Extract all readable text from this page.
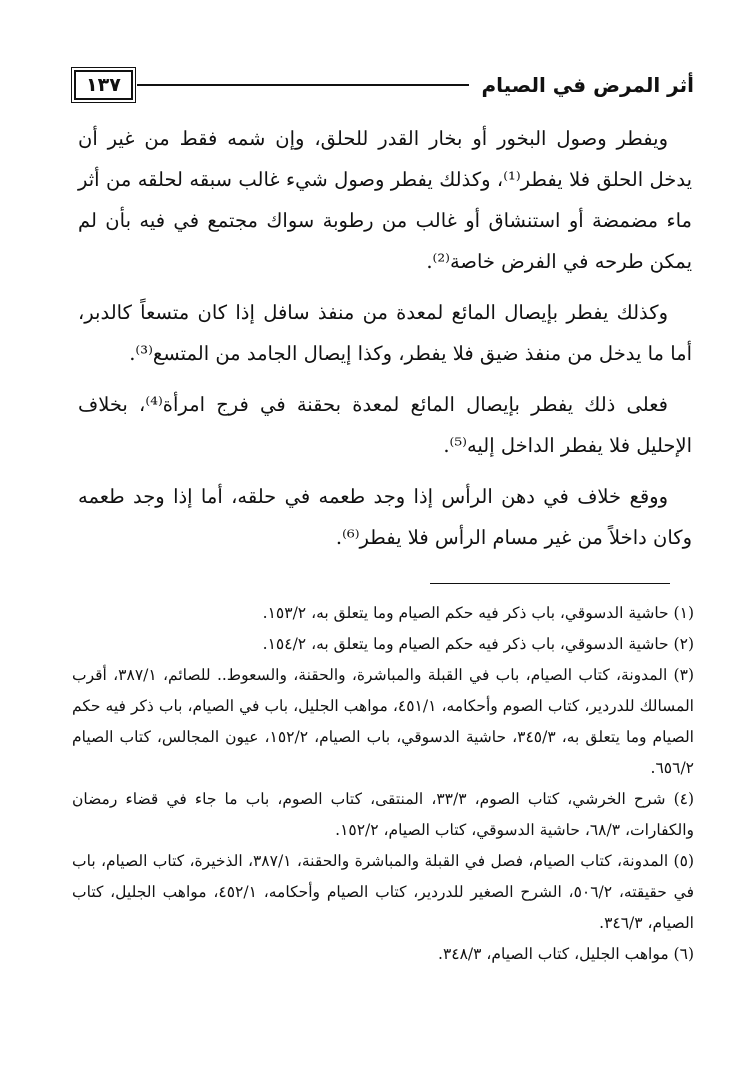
أثر المرض في الصيام
١٣٧

ويفطر وصول البخور أو بخار القدر للحلق، وإن شمه فقط من غير أن يدخل الحلق فلا يفطر⁽¹⁾، وكذلك يفطر وصول شيء غالب سبقه لحلقه من أثر ماء مضمضة أو استنشاق أو غالب من رطوبة سواك مجتمع في فيه بأن لم يمكن طرحه في الفرض خاصة⁽²⁾.

وكذلك يفطر بإيصال المائع لمعدة من منفذ سافل إذا كان متسعاً كالدبر، أما ما يدخل من منفذ ضيق فلا يفطر، وكذا إيصال الجامد من المتسع⁽³⁾.

فعلى ذلك يفطر بإيصال المائع لمعدة بحقنة في فرج امرأة⁽⁴⁾، بخلاف الإحليل فلا يفطر الداخل إليه⁽⁵⁾.

ووقع خلاف في دهن الرأس إذا وجد طعمه في حلقه، أما إذا وجد طعمه وكان داخلاً من غير مسام الرأس فلا يفطر⁽⁶⁾.

(١) حاشية الدسوقي، باب ذكر فيه حكم الصيام وما يتعلق به، ١٥٣/٢.
(٢) حاشية الدسوقي، باب ذكر فيه حكم الصيام وما يتعلق به، ١٥٤/٢.
(٣) المدونة، كتاب الصيام، باب في القبلة والمباشرة، والحقنة، والسعوط.. للصائم، ٣٨٧/١، أقرب المسالك للدردير، كتاب الصوم وأحكامه، ٤٥١/١، مواهب الجليل، باب في الصيام، باب ذكر فيه حكم الصيام وما يتعلق به، ٣٤٥/٣، حاشية الدسوقي، باب الصيام، ١٥٢/٢، عيون المجالس، كتاب الصيام ٦٥٦/٢.
(٤) شرح الخرشي، كتاب الصوم، ٣٣/٣، المنتقى، كتاب الصوم، باب ما جاء في قضاء رمضان والكفارات، ٦٨/٣، حاشية الدسوقي، كتاب الصيام، ١٥٢/٢.
(٥) المدونة، كتاب الصيام، فصل في القبلة والمباشرة والحقنة، ٣٨٧/١، الذخيرة، كتاب الصيام، باب في حقيقته، ٥٠٦/٢، الشرح الصغير للدردير، كتاب الصيام وأحكامه، ٤٥٢/١، مواهب الجليل، كتاب الصيام، ٣٤٦/٣.
(٦) مواهب الجليل، كتاب الصيام، ٣٤٨/٣.
